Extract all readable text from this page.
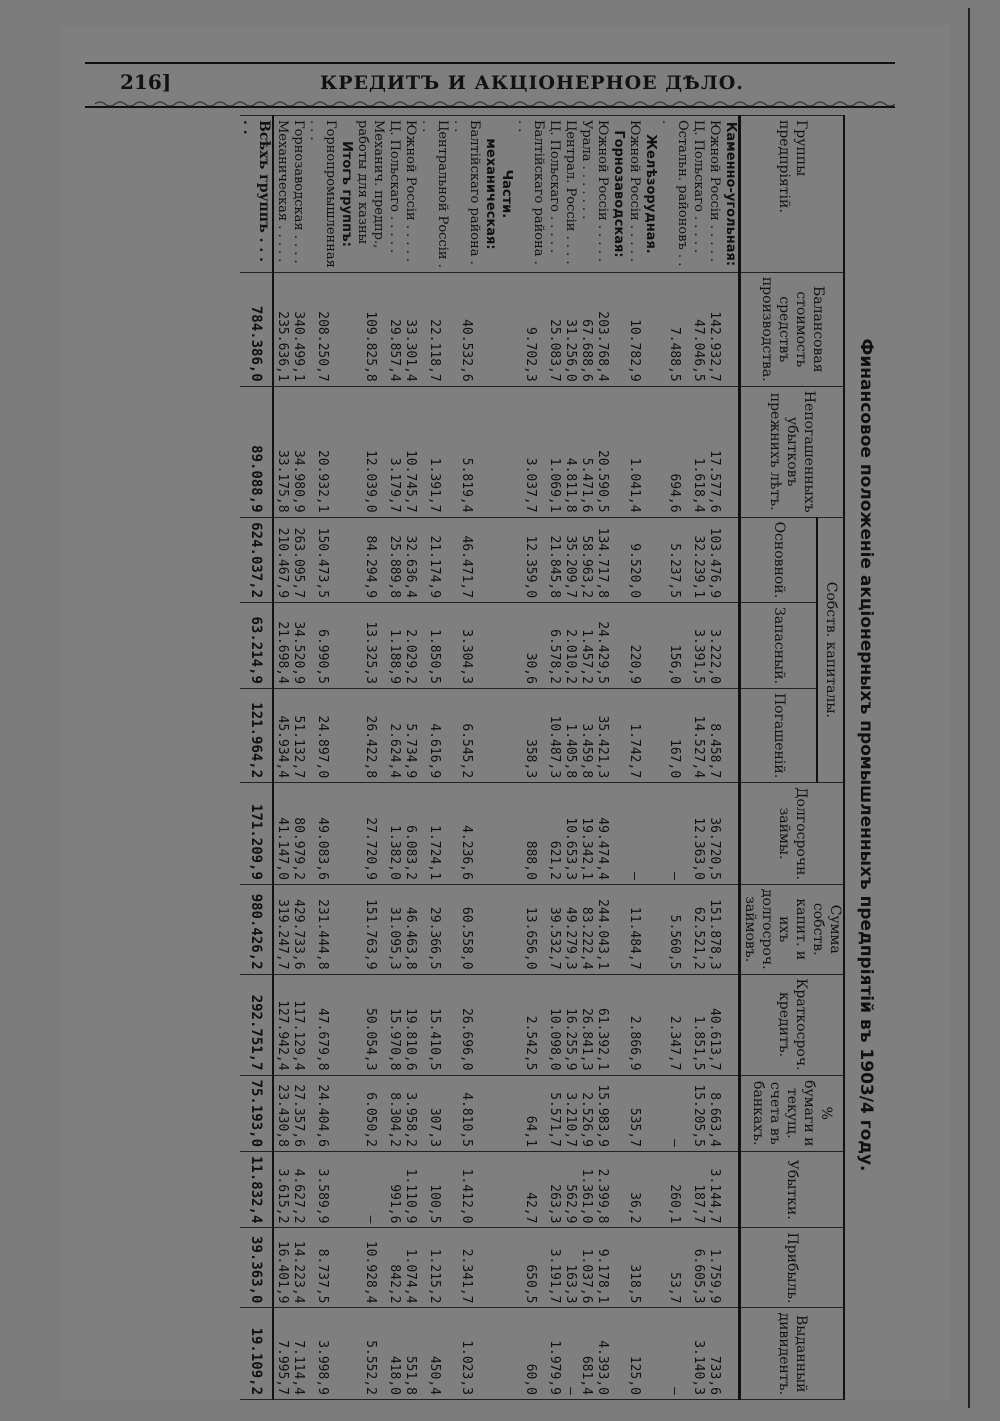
216]	КРЕДИТЪ И АКЦІОНЕРНОЕ ДѢЛО.
Финансовое положеніе акціонерныхъ промышленныхъ предпріятій въ 1903/4 году.
Группы предпріятій.	Балансовая стоимость средствъ производства.	Непогашенныхъ убытковъ прежнихъ лѣтъ.	Собств. капиталы.			Долгосрочн. займы.	Сумма собств. капит. и ихъ долгосроч. займовъ.	Краткосроч. кредитъ.	% бумаги и текущ. счета въ банкахъ.	Убытки.	Прибыль.	Выданный дивидентъ.
			Основной.	Запасный.	Погашеній.							
Каменно-угольная:												
Южной Россіи . . . . .	142.932,7	17.577,6	103.476,9	3.222,0	8.458,7	36.720,5	151.878,3	40.613,7	8.663,4	3.144,7	1.759,9	733,6
Ц. Польскаго . . . . .	47.046,5	1.618,4	32.239,1	3.391,5	14.527,4	12.363,0	62.521,2	1.851,5	15.205,5	187,7	6.605,3	3.140,3
Остальн. районовъ . . .	7.488,5	694,6	5.237,5	156,0	167,0	—	5.560,5	2.347,7	—	260,1	53,7	—
Желѣзорудная.												
Южной Россіи . . . . .	10.782,9	1.041,4	9.520,0	220,9	1.742,7	—	11.484,7	2.866,9	535,7	36,2	318,5	125,0
Горнозаводская:												
Южной Россіи . . . . .	203.768,4	20.590,5	134.717,8	24.429,5	35.421,3	49.474,4	244.043,1	61.392,1	15.983,9	2.399,8	9.178,1	4.393,0
Урала . . . . . . .	67.688,6	5.471,6	58.963,2	1.457,2	3.459,8	19.342,1	83.222,4	26.841,3	2.526,9	1.361,0	1.037,6	681,4
Централ. Россіи . . . .	31.256,0	4.811,8	35.209,7	2.010,2	1.405,8	10.653,3	49.279,3	16.255,9	3.210,7	562,9	163,3	—
Ц. Польскаго . . . . .	25.083,7	1.069,1	21.845,8	6.578,2	10.487,3	621,2	39.532,7	10.098,0	5.571,7	263,3	3.191,7	1.979,9
Балтійскаго района . . .	9.702,3	3.037,7	12.359,0	30,6	358,3	888,0	13.656,0	2.542,5	64,1	42,7	650,5	60,0
Части. механическая:												
Балтійскаго района . . .	40.532,6	5.819,4	46.471,7	3.304,3	6.545,2	4.236,6	60.558,0	26.696,0	4.810,5	1.412,0	2.341,7	1.023,3
Центральной Россіи . . .	22.118,7	1.391,7	21.174,9	1.850,5	4.616,9	1.724,1	29.366,5	15.410,5	307,3	100,5	1.215,2	450,4
Южной Россіи . . . . .	33.301,4	10.745,7	32.636,4	2.029,2	5.734,9	6.083,2	46.463,8	19.810,6	3.958,2	1.110,9	1.074,4	551,8
Ц. Польскаго . . . . .	29.857,4	3.179,7	25.889,8	1.188,9	2.624,4	1.382,0	31.095,3	15.970,8	8.304,2	991,6	842,2	418,0
Механич. предпр., работы для казны	109.825,8	12.039,0	84.294,9	13.325,3	26.422,8	27.720,9	151.763,9	50.054,3	6.050,2	—	10.928,4	5.552,2
Итогъ группъ:												
Горнопромышленная . . .	208.250,7	20.932,1	150.473,5	6.990,5	24.897,0	49.083,6	231.444,8	47.679,8	24.404,6	3.589,9	8.737,5	3.998,9
Горнозаводская . . . .	340.499,1	34.980,9	263.095,7	34.520,9	51.132,7	80.979,2	429.733,6	117.129,4	27.357,6	4.627,2	14.223,4	7.114,4
Механическая . . . . .	235.636,1	33.175,8	210.467,9	21.698,4	45.934,4	41.147,0	319.247,7	127.942,4	23.430,8	3.615,2	16.401,9	7.995,7
Всѣхъ группъ . . . . .	784.386,0	89.088,9	624.037,2	63.214,9	121.964,2	171.209,9	980.426,2	292.751,7	75.193,0	11.832,4	39.363,0	19.109,2
